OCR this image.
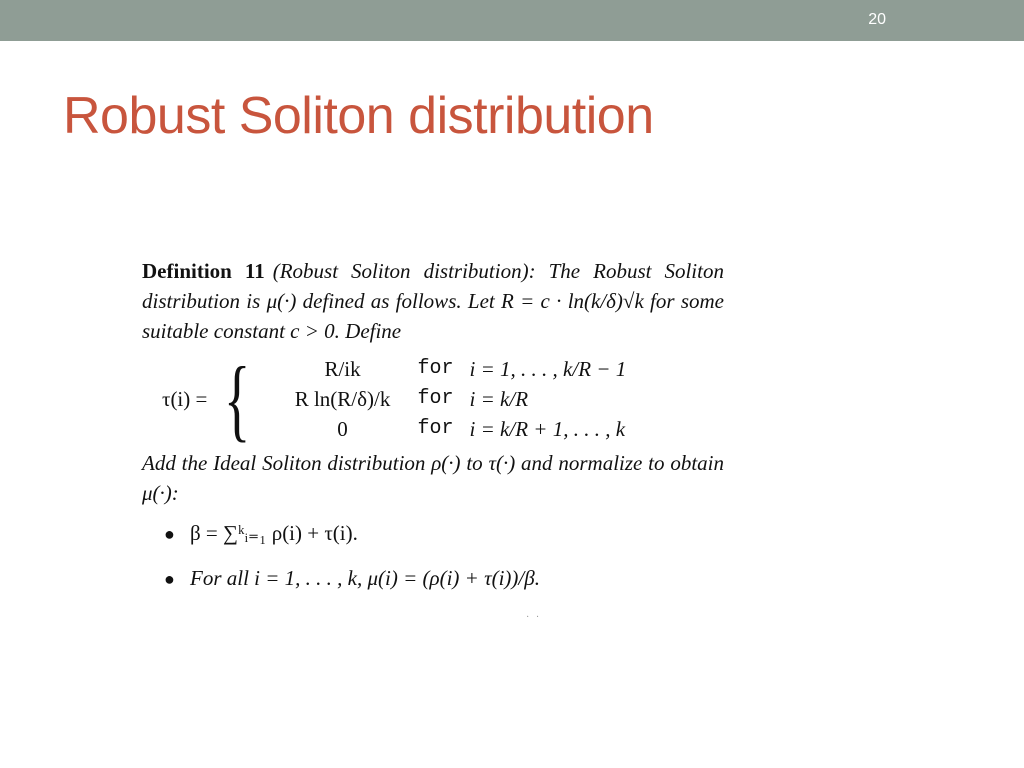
20
Robust Soliton distribution
Definition 11 (Robust Soliton distribution): The Robust Soliton distribution is μ(·) defined as follows. Let R = c · ln(k/δ)√k for some suitable constant c > 0. Define
τ(i) = {	R/ik	for i = 1, . . . , k/R − 1
R ln(R/δ)/k	for i = k/R
0	for i = k/R + 1, . . . , k
Add the Ideal Soliton distribution ρ(·) to τ(·) and normalize to obtain μ(·):
● β = ∑ᵏᵢ₌₁ ρ(i) + τ(i).
● For all i = 1, . . . , k, μ(i) = (ρ(i) + τ(i))/β.
· ·
